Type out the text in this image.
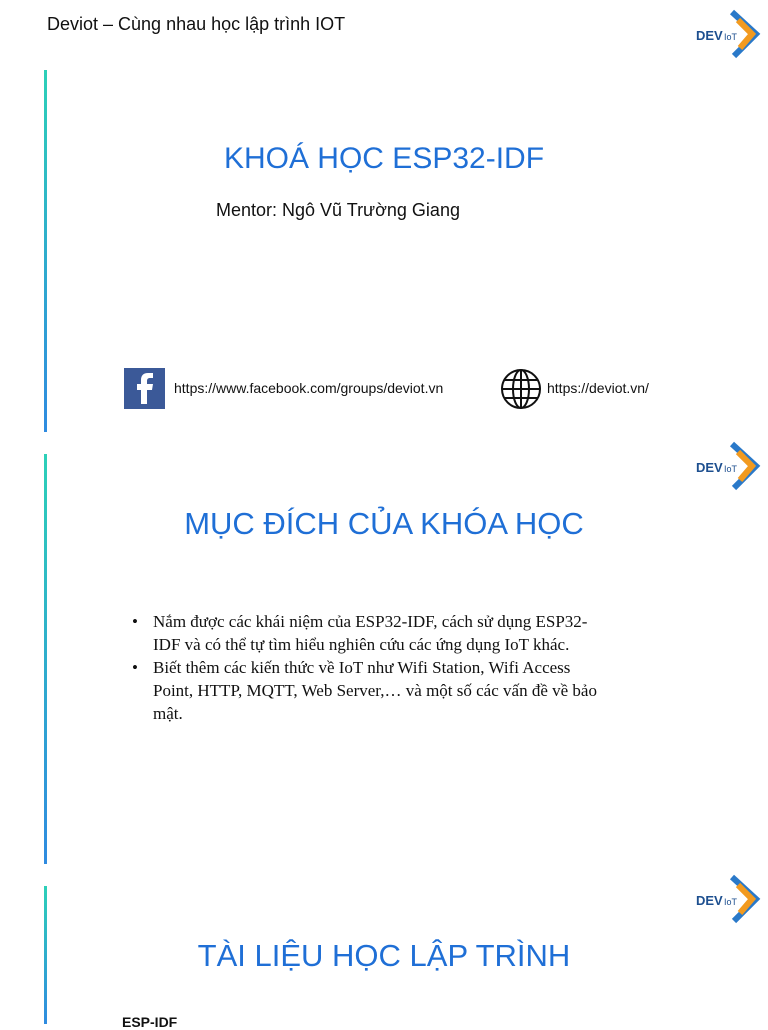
Deviot – Cùng nhau học lập trình IOT
DEV IoT
KHOÁ HỌC ESP32-IDF
Mentor: Ngô Vũ Trường Giang
https://www.facebook.com/groups/deviot.vn	https://deviot.vn/
DEV IoT
MỤC ĐÍCH CỦA KHÓA HỌC
• Nắm được các khái niệm của ESP32-IDF, cách sử dụng ESP32-IDF và có thể tự tìm hiểu nghiên cứu các ứng dụng IoT khác.
• Biết thêm các kiến thức về IoT như Wifi Station, Wifi Access Point, HTTP, MQTT, Web Server,… và một số các vấn đề về bảo mật.
DEV IoT
TÀI LIỆU HỌC LẬP TRÌNH
ESP-IDF
